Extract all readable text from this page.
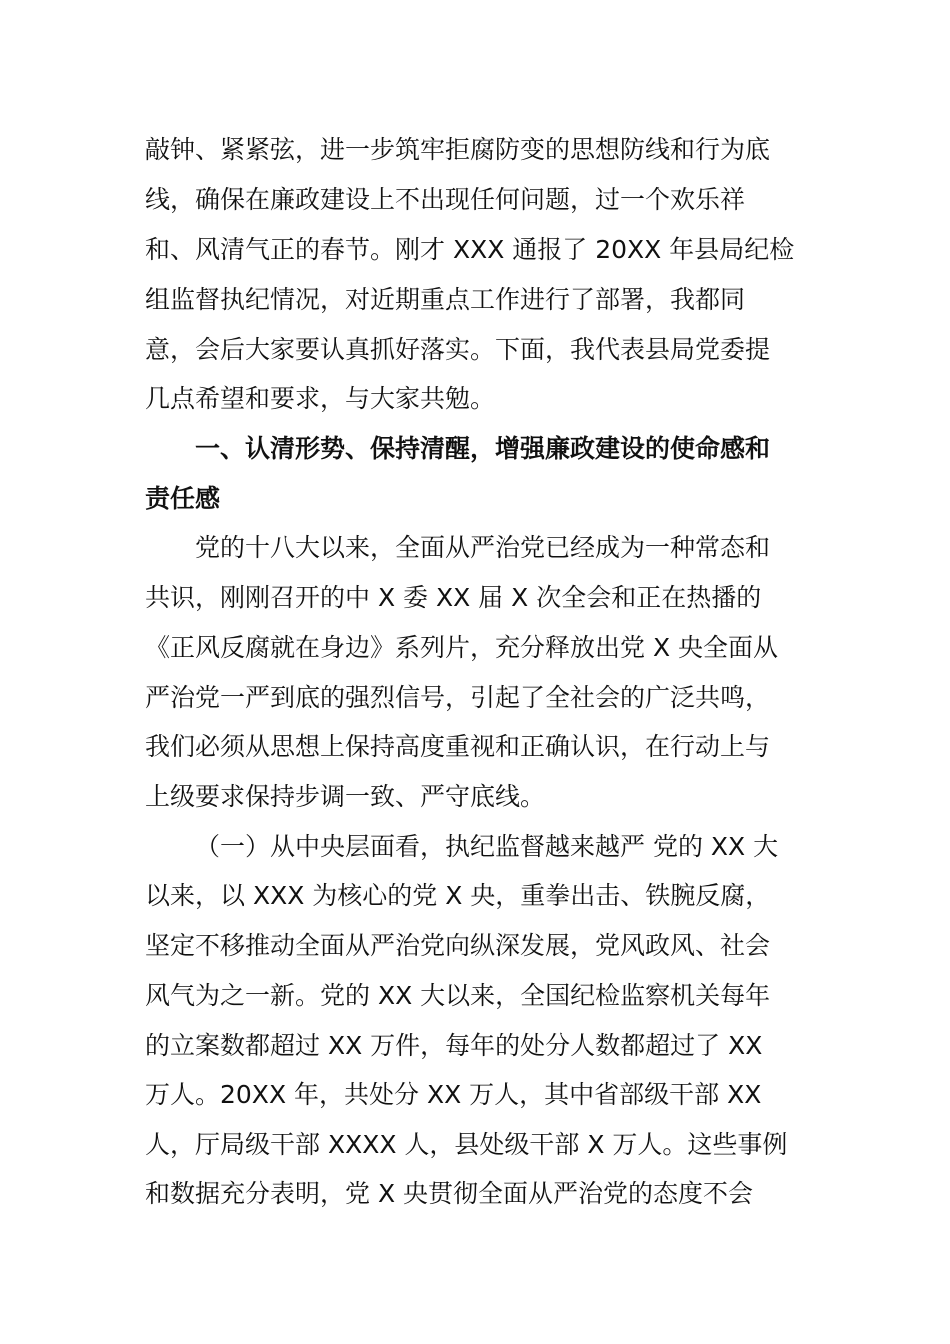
敲钟、紧紧弦，进一步筑牢拒腐防变的思想防线和行为底
线，确保在廉政建设上不出现任何问题，过一个欢乐祥
和、风清气正的春节。刚才 XXX 通报了 20XX 年县局纪检
组监督执纪情况，对近期重点工作进行了部署，我都同
意，会后大家要认真抓好落实。下面，我代表县局党委提
几点希望和要求，与大家共勉。
一、认清形势、保持清醒，增强廉政建设的使命感和
责任感
党的十八大以来，全面从严治党已经成为一种常态和
共识，刚刚召开的中 X 委 XX 届 X 次全会和正在热播的
《正风反腐就在身边》系列片，充分释放出党 X 央全面从
严治党一严到底的强烈信号，引起了全社会的广泛共鸣，
我们必须从思想上保持高度重视和正确认识，在行动上与
上级要求保持步调一致、严守底线。
（一）从中央层面看，执纪监督越来越严 党的 XX 大
以来，以 XXX 为核心的党 X 央，重拳出击、铁腕反腐，
坚定不移推动全面从严治党向纵深发展，党风政风、社会
风气为之一新。党的 XX 大以来，全国纪检监察机关每年
的立案数都超过 XX 万件，每年的处分人数都超过了 XX
万人。20XX 年，共处分 XX 万人，其中省部级干部 XX
人，厅局级干部 XXXX 人，县处级干部 X 万人。这些事例
和数据充分表明，党 X 央贯彻全面从严治党的态度不会
